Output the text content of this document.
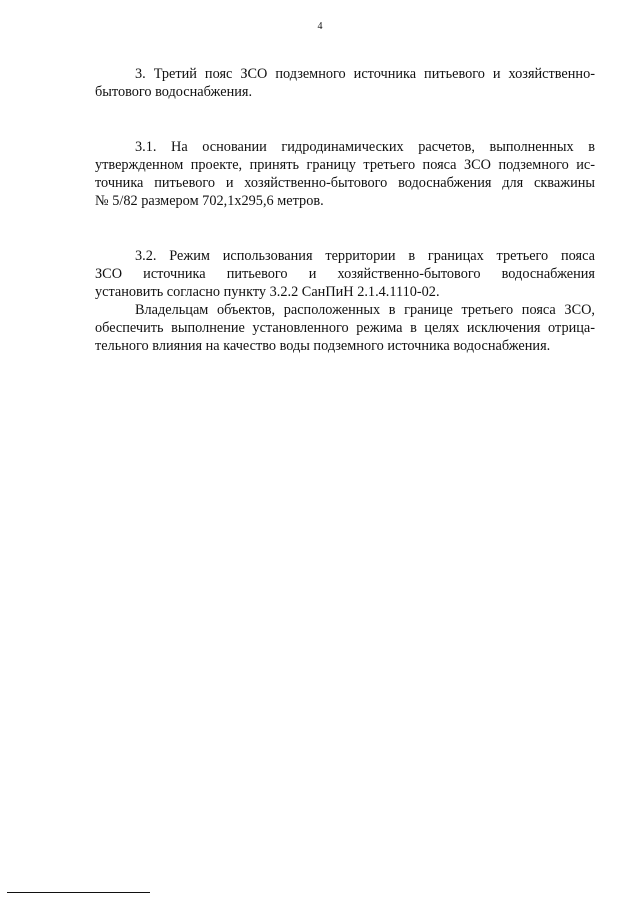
4

3. Третий пояс ЗСО подземного источника питьевого и хозяйственно-
бытового водоснабжения.

3.1. На основании гидродинамических расчетов, выполненных в
утвержденном проекте, принять границу третьего пояса ЗСО подземного ис-
точника питьевого и хозяйственно-бытового водоснабжения для скважины
№ 5/82 размером 702,1х295,6 метров.

3.2. Режим использования территории в границах третьего пояса
ЗСО источника питьевого и хозяйственно-бытового водоснабжения
установить согласно пункту 3.2.2 СанПиН 2.1.4.1110-02.

Владельцам объектов, расположенных в границе третьего пояса ЗСО,
обеспечить выполнение установленного режима в целях исключения отрица-
тельного влияния на качество воды подземного источника водоснабжения.
